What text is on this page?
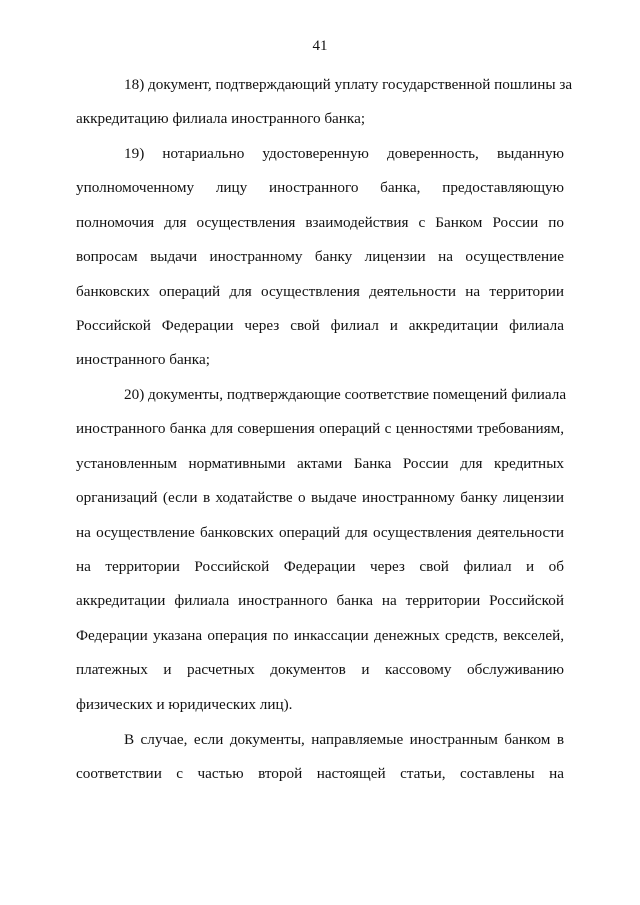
41
18) документ, подтверждающий уплату государственной пошлины за
аккредитацию филиала иностранного банка;
19) нотариально удостоверенную доверенность, выданную
уполномоченному лицу иностранного банка, предоставляющую
полномочия для осуществления взаимодействия с Банком России по
вопросам выдачи иностранному банку лицензии на осуществление
банковских операций для осуществления деятельности на территории
Российской Федерации через свой филиал и аккредитации филиала
иностранного банка;
20) документы, подтверждающие соответствие помещений филиала
иностранного банка для совершения операций с ценностями требованиям,
установленным нормативными актами Банка России для кредитных
организаций (если в ходатайстве о выдаче иностранному банку лицензии
на осуществление банковских операций для осуществления деятельности
на территории Российской Федерации через свой филиал и об
аккредитации филиала иностранного банка на территории Российской
Федерации указана операция по инкассации денежных средств, векселей,
платежных и расчетных документов и кассовому обслуживанию
физических и юридических лиц).
В случае, если документы, направляемые иностранным банком в
соответствии с частью второй настоящей статьи, составлены на
